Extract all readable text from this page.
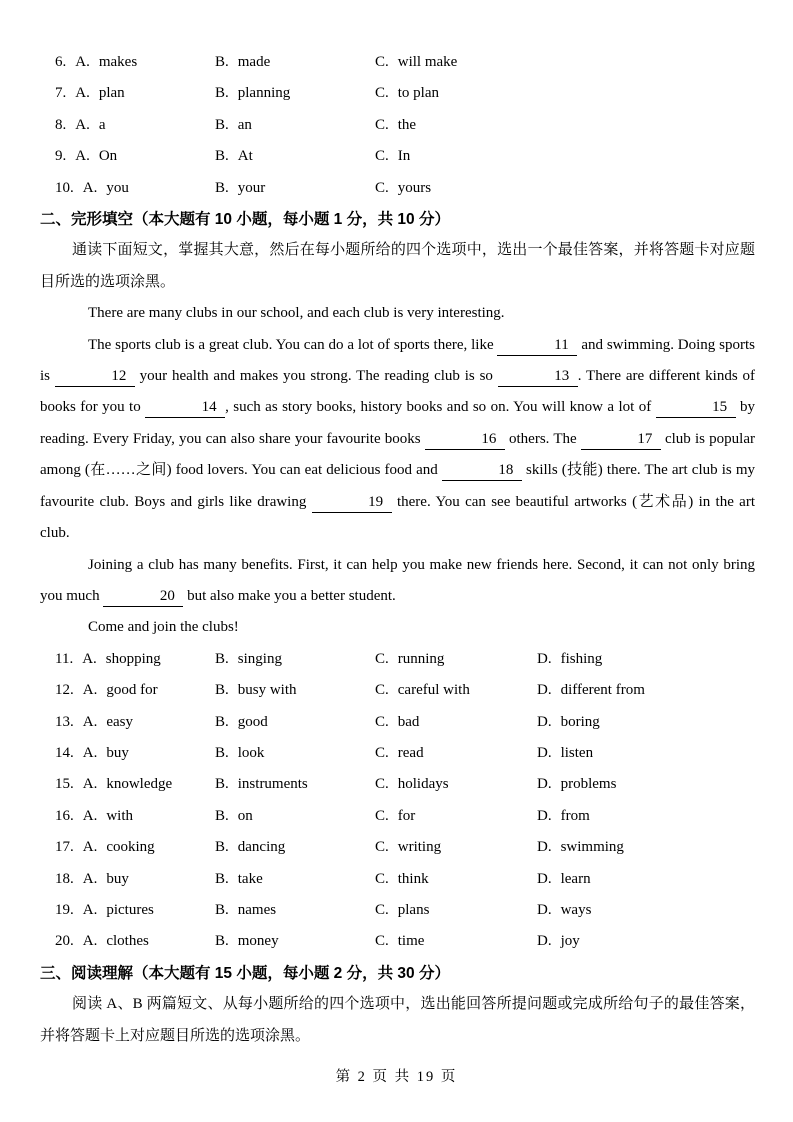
6. A. makes	B. made	C. will make
7. A. plan	B. planning	C. to plan
8. A. a	B. an	C. the
9. A. On	B. At	C. In
10. A. you	B. your	C. yours
二、完形填空（本大题有 10 小题，每小题 1 分，共 10 分）

通读下面短文，掌握其大意，然后在每小题所给的四个选项中，选出一个最佳答案，并将答题卡对应题目所选的选项涂黑。

There are many clubs in our school, and each club is very interesting.

The sports club is a great club. You can do a lot of sports there, like	11 and swimming. Doing sports is	12 your health and makes you strong. The reading club is so	13 . There are different kinds of books for you to	14 , such as story books, history books and so on. You will know a lot of	15 by reading. Every Friday, you can also share your favourite books	16 others. The	17 club is popular among (在……之间) food lovers. You can eat delicious food and	18 skills (技能) there. The art club is my favourite club. Boys and girls like drawing	19 there. You can see beautiful artworks (艺术品) in the art club.

Joining a club has many benefits. First, it can help you make new friends here. Second, it can not only bring you much	20 but also make you a better student.

Come and join the clubs!

11. A. shopping	B. singing	C. running	D. fishing
12. A. good for	B. busy with	C. careful with	D. different from
13. A. easy	B. good	C. bad	D. boring
14. A. buy	B. look	C. read	D. listen
15. A. knowledge	B. instruments	C. holidays	D. problems
16. A. with	B. on	C. for	D. from
17. A. cooking	B. dancing	C. writing	D. swimming
18. A. buy	B. take	C. think	D. learn
19. A. pictures	B. names	C. plans	D. ways
20. A. clothes	B. money	C. time	D. joy
三、阅读理解（本大题有 15 小题，每小题 2 分，共 30 分）

阅读 A、B 两篇短文、从每小题所给的四个选项中，选出能回答所提问题或完成所给句子的最佳答案，并将答题卡上对应题目所选的选项涂黑。

第 2 页 共 19 页
